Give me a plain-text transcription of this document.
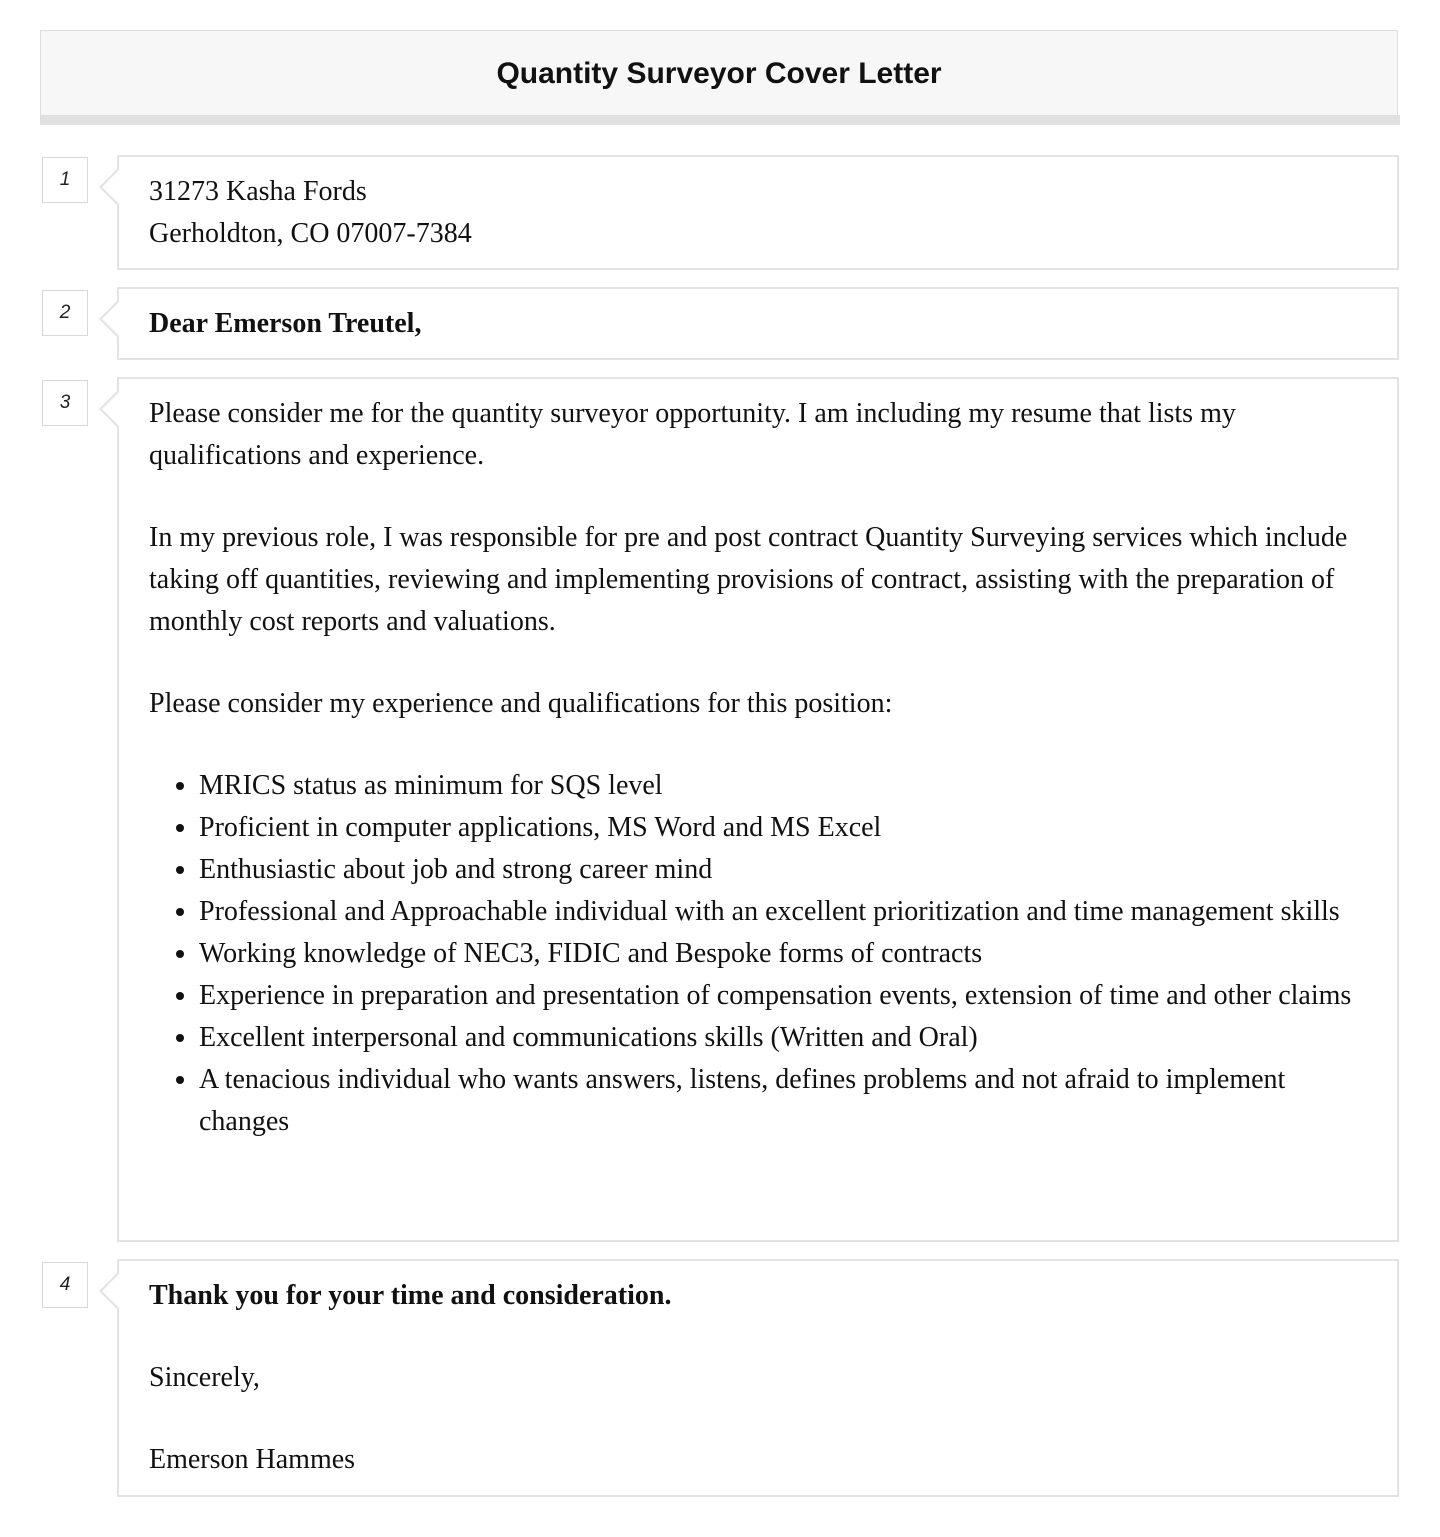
Quantity Surveyor Cover Letter
1	31273 Kasha Fords

Gerholdton, CO 07007-7384

2	Dear Emerson Treutel,

3	Please consider me for the quantity surveyor opportunity. I am including my resume that lists my qualifications and experience.

In my previous role, I was responsible for pre and post contract Quantity Surveying services which include taking off quantities, reviewing and implementing provisions of contract, assisting with the preparation of monthly cost reports and valuations.

Please consider my experience and qualifications for this position:

• MRICS status as minimum for SQS level
• Proficient in computer applications, MS Word and MS Excel
• Enthusiastic about job and strong career mind
• Professional and Approachable individual with an excellent prioritization and time management skills
• Working knowledge of NEC3, FIDIC and Bespoke forms of contracts
• Experience in preparation and presentation of compensation events, extension of time and other claims
• Excellent interpersonal and communications skills (Written and Oral)
• A tenacious individual who wants answers, listens, defines problems and not afraid to implement changes
4	Thank you for your time and consideration.

Sincerely,

Emerson Hammes
